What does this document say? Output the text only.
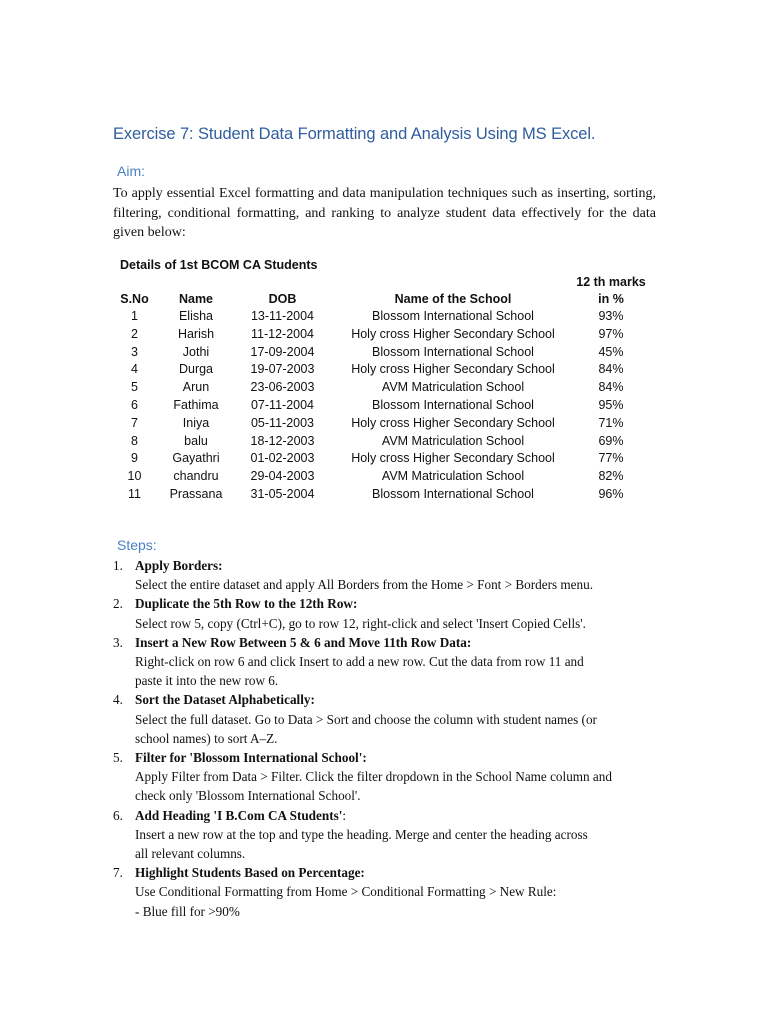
Exercise 7: Student Data Formatting and Analysis Using MS Excel.
Aim:
To apply essential Excel formatting and data manipulation techniques such as inserting, sorting, filtering, conditional formatting, and ranking to analyze student data effectively for the data given below:
Details of 1st BCOM CA Students
S.No	Name	DOB	Name of the School	12 th marks in %
1	Elisha	13-11-2004	Blossom International School	93%
2	Harish	11-12-2004	Holy cross Higher Secondary School	97%
3	Jothi	17-09-2004	Blossom International School	45%
4	Durga	19-07-2003	Holy cross Higher Secondary School	84%
5	Arun	23-06-2003	AVM Matriculation School	84%
6	Fathima	07-11-2004	Blossom International School	95%
7	Iniya	05-11-2003	Holy cross Higher Secondary School	71%
8	balu	18-12-2003	AVM Matriculation School	69%
9	Gayathri	01-02-2003	Holy cross Higher Secondary School	77%
10	chandru	29-04-2003	AVM Matriculation School	82%
11	Prassana	31-05-2004	Blossom International School	96%
Steps:
1. Apply Borders:
Select the entire dataset and apply All Borders from the Home > Font > Borders menu.
2. Duplicate the 5th Row to the 12th Row:
Select row 5, copy (Ctrl+C), go to row 12, right-click and select 'Insert Copied Cells'.
3. Insert a New Row Between 5 & 6 and Move 11th Row Data:
Right-click on row 6 and click Insert to add a new row. Cut the data from row 11 and
paste it into the new row 6.
4. Sort the Dataset Alphabetically:
Select the full dataset. Go to Data > Sort and choose the column with student names (or
school names) to sort A–Z.
5. Filter for 'Blossom International School':
Apply Filter from Data > Filter. Click the filter dropdown in the School Name column and
check only 'Blossom International School'.
6. Add Heading 'I B.Com CA Students':
Insert a new row at the top and type the heading. Merge and center the heading across
all relevant columns.
7. Highlight Students Based on Percentage:
Use Conditional Formatting from Home > Conditional Formatting > New Rule:
- Blue fill for >90%
